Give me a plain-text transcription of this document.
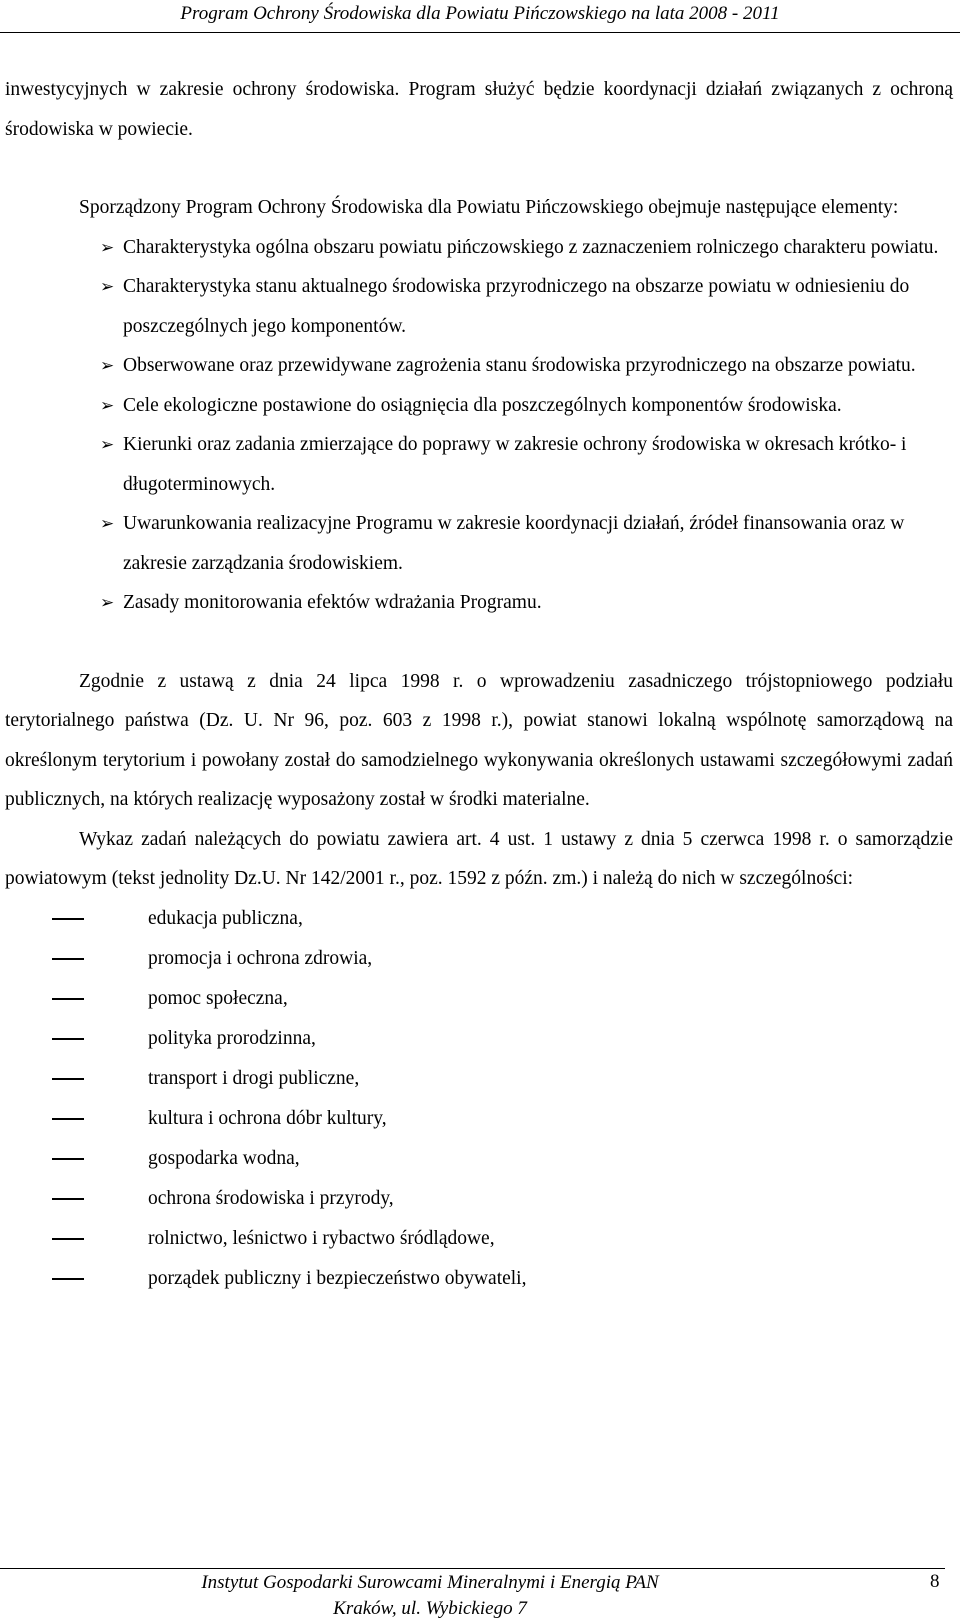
Program Ochrony Środowiska dla Powiatu Pińczowskiego na lata 2008 - 2011

inwestycyjnych w zakresie ochrony środowiska. Program służyć będzie koordynacji działań związanych z ochroną środowiska w powiecie.

Sporządzony Program Ochrony Środowiska dla Powiatu Pińczowskiego obejmuje następujące elementy:

➢ Charakterystyka ogólna obszaru powiatu pińczowskiego z zaznaczeniem rolniczego charakteru powiatu.
➢ Charakterystyka stanu aktualnego środowiska przyrodniczego na obszarze powiatu w odniesieniu do poszczególnych jego komponentów.
➢ Obserwowane oraz przewidywane zagrożenia stanu środowiska przyrodniczego na obszarze powiatu.
➢ Cele ekologiczne postawione do osiągnięcia dla poszczególnych komponentów środowiska.
➢ Kierunki oraz zadania zmierzające do poprawy w zakresie ochrony środowiska w okresach krótko- i długoterminowych.
➢ Uwarunkowania realizacyjne Programu w zakresie koordynacji działań, źródeł finansowania oraz w zakresie zarządzania środowiskiem.
➢ Zasady monitorowania efektów wdrażania Programu.

Zgodnie z ustawą z dnia 24 lipca 1998 r. o wprowadzeniu zasadniczego trójstopniowego podziału terytorialnego państwa (Dz. U. Nr 96, poz. 603 z 1998 r.), powiat stanowi lokalną wspólnotę samorządową na określonym terytorium i powołany został do samodzielnego wykonywania określonych ustawami szczegółowymi zadań publicznych, na których realizację wyposażony został w środki materialne.

Wykaz zadań należących do powiatu zawiera art. 4 ust. 1 ustawy z dnia 5 czerwca 1998 r. o samorządzie powiatowym (tekst jednolity Dz.U. Nr 142/2001 r., poz. 1592 z późn. zm.) i należą do nich w szczególności:

edukacja publiczna,
promocja i ochrona zdrowia,
pomoc społeczna,
polityka prorodzinna,
transport i drogi publiczne,
kultura i ochrona dóbr kultury,
gospodarka wodna,
ochrona środowiska i przyrody,
rolnictwo, leśnictwo i rybactwo śródlądowe,
porządek publiczny i bezpieczeństwo obywateli,
Instytut Gospodarki Surowcami Mineralnymi i Energią PAN
Kraków, ul. Wybickiego 7
8
